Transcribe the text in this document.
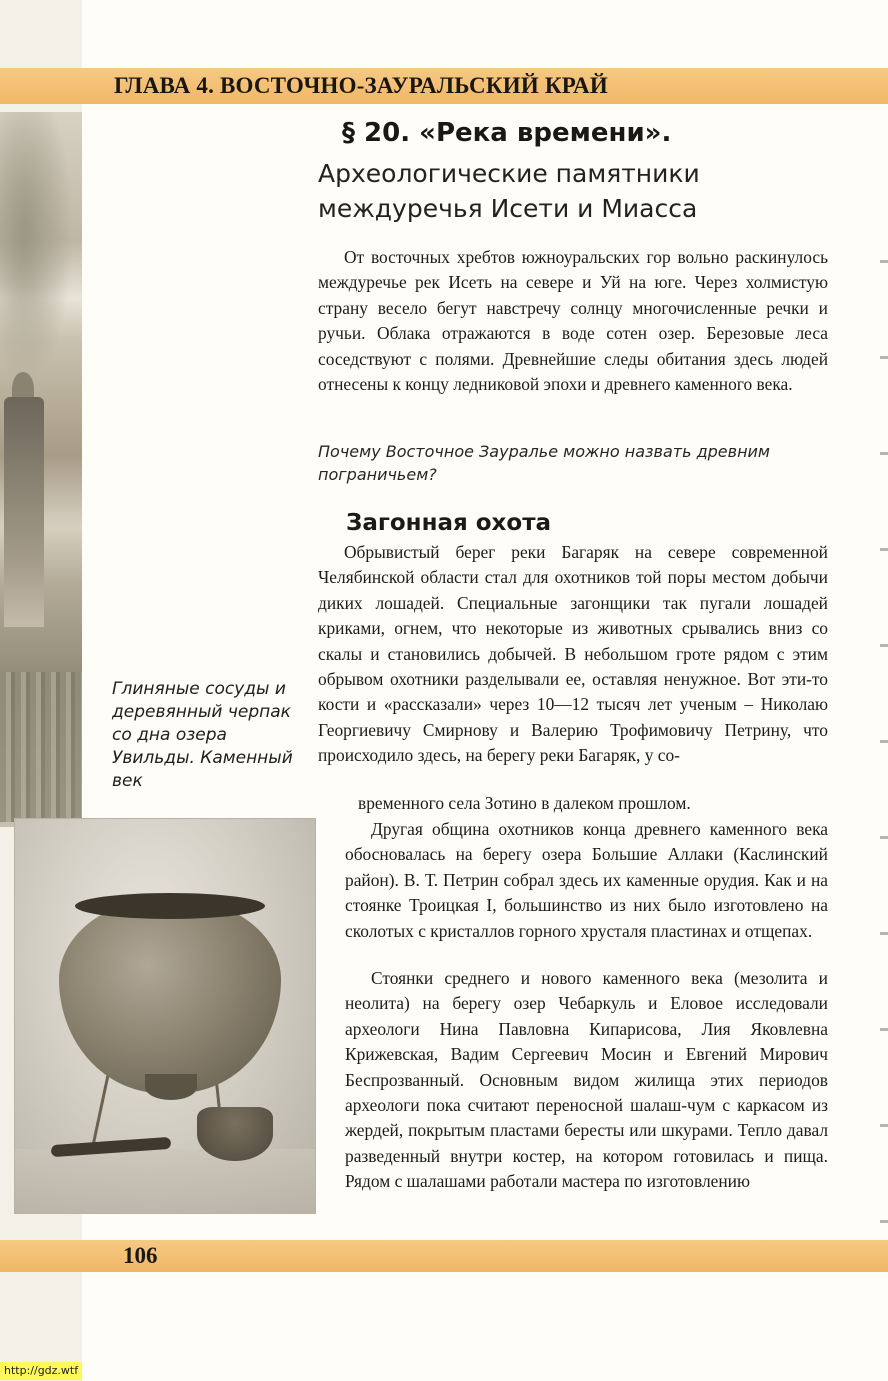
ГЛАВА 4. ВОСТОЧНО-ЗАУРАЛЬСКИЙ КРАЙ
§ 20. «Река времени».
Археологические памятники междуречья Исети и Миасса

От восточных хребтов южноуральских гор вольно раскинулось междуречье рек Исеть на севере и Уй на юге. Через холмистую страну весело бегут навстречу солнцу многочисленные речки и ручьи. Облака отражаются в воде сотен озер. Березовые леса соседствуют с полями. Древнейшие следы обитания здесь людей отнесены к концу ледниковой эпохи и древнего каменного века.

Почему Восточное Зауралье можно назвать древним пограничьем?

Загонная охота

Обрывистый берег реки Багаряк на севере современной Челябинской области стал для охотников той поры местом добычи диких лошадей. Специальные загонщики так пугали лошадей криками, огнем, что некоторые из животных срывались вниз со скалы и становились добычей. В небольшом гроте рядом с этим обрывом охотники разделывали ее, оставляя ненужное. Вот эти-то кости и «рассказали» через 10—12 тысяч лет ученым – Николаю Георгиевичу Смирнову и Валерию Трофимовичу Петрину, что происходило здесь, на берегу реки Багаряк, у со-

временного села Зотино в далеком прошлом.

Другая община охотников конца древнего каменного века обосновалась на берегу озера Большие Аллаки (Каслинский район). В. Т. Петрин собрал здесь их каменные орудия. Как и на стоянке Троицкая I, большинство из них было изготовлено на сколотых с кристаллов горного хрусталя пластинах и отщепах.

Стоянки среднего и нового каменного века (мезолита и неолита) на берегу озер Чебаркуль и Еловое исследовали археологи Нина Павловна Кипарисова, Лия Яковлевна Крижевская, Вадим Сергеевич Мосин и Евгений Мирович Беспрозванный. Основным видом жилища этих периодов археологи пока считают переносной шалаш-чум с каркасом из жердей, покрытым пластами бересты или шкурами. Тепло давал разведенный внутри костер, на котором готовилась и пища. Рядом с шалашами работали мастера по изготовлению

Глиняные сосуды и деревянный черпак со дна озера Увильды. Каменный век

106
http://gdz.wtf
